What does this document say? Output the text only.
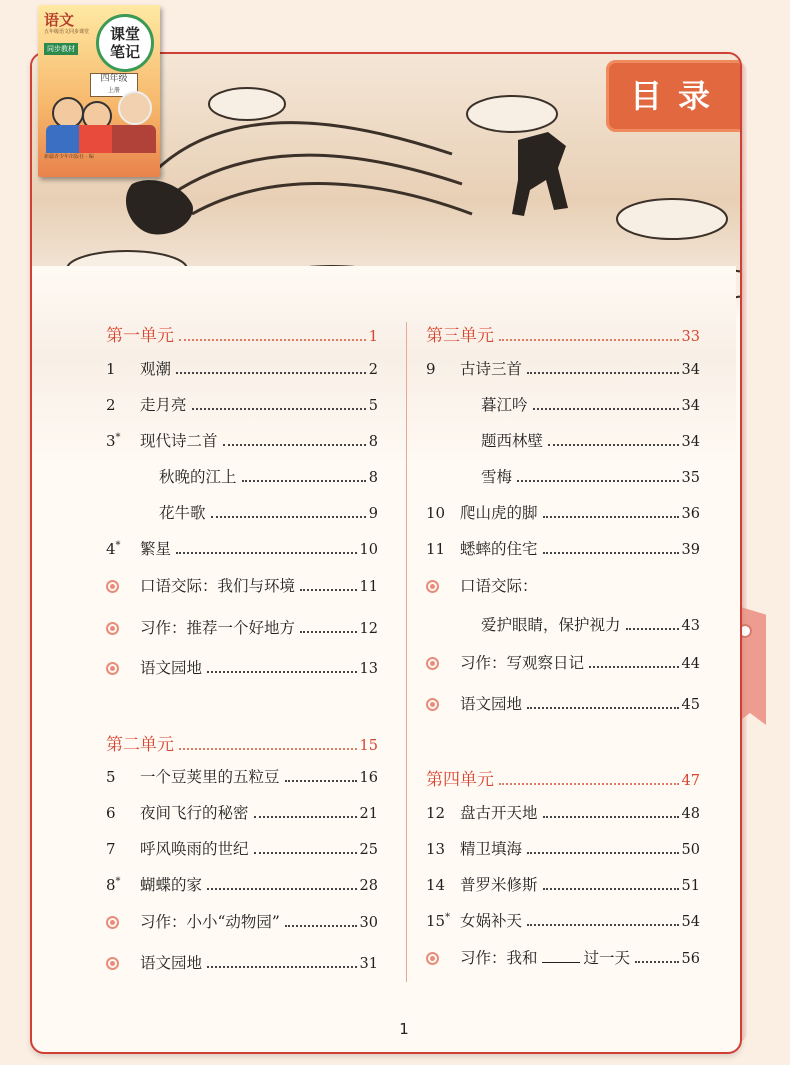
目录
语文
五年级语文同步课堂
同步教材
课堂
笔记
四年级
上册
新疆青少年出版社 · 编
第一单元	1
1	观潮	2
2	走月亮	5
3*	现代诗二首	8
秋晚的江上	8
花牛歌	9
4*	繁星	10
口语交际：我们与环境	11
习作：推荐一个好地方	12
语文园地	13
第二单元	15
5	一个豆荚里的五粒豆	16
6	夜间飞行的秘密	21
7	呼风唤雨的世纪	25
8*	蝴蝶的家	28
习作：小小“动物园”	30
语文园地	31
第三单元	33
9	古诗三首	34
暮江吟	34
题西林壁	34
雪梅	35
10 爬山虎的脚	36
11 蟋蟀的住宅	39
口语交际：
爱护眼睛，保护视力	43
习作：写观察日记	44
语文园地	45
第四单元	47
12 盘古开天地	48
13 精卫填海	50
14 普罗米修斯	51
15* 女娲补天	54
习作：我和	过一天	56
1
